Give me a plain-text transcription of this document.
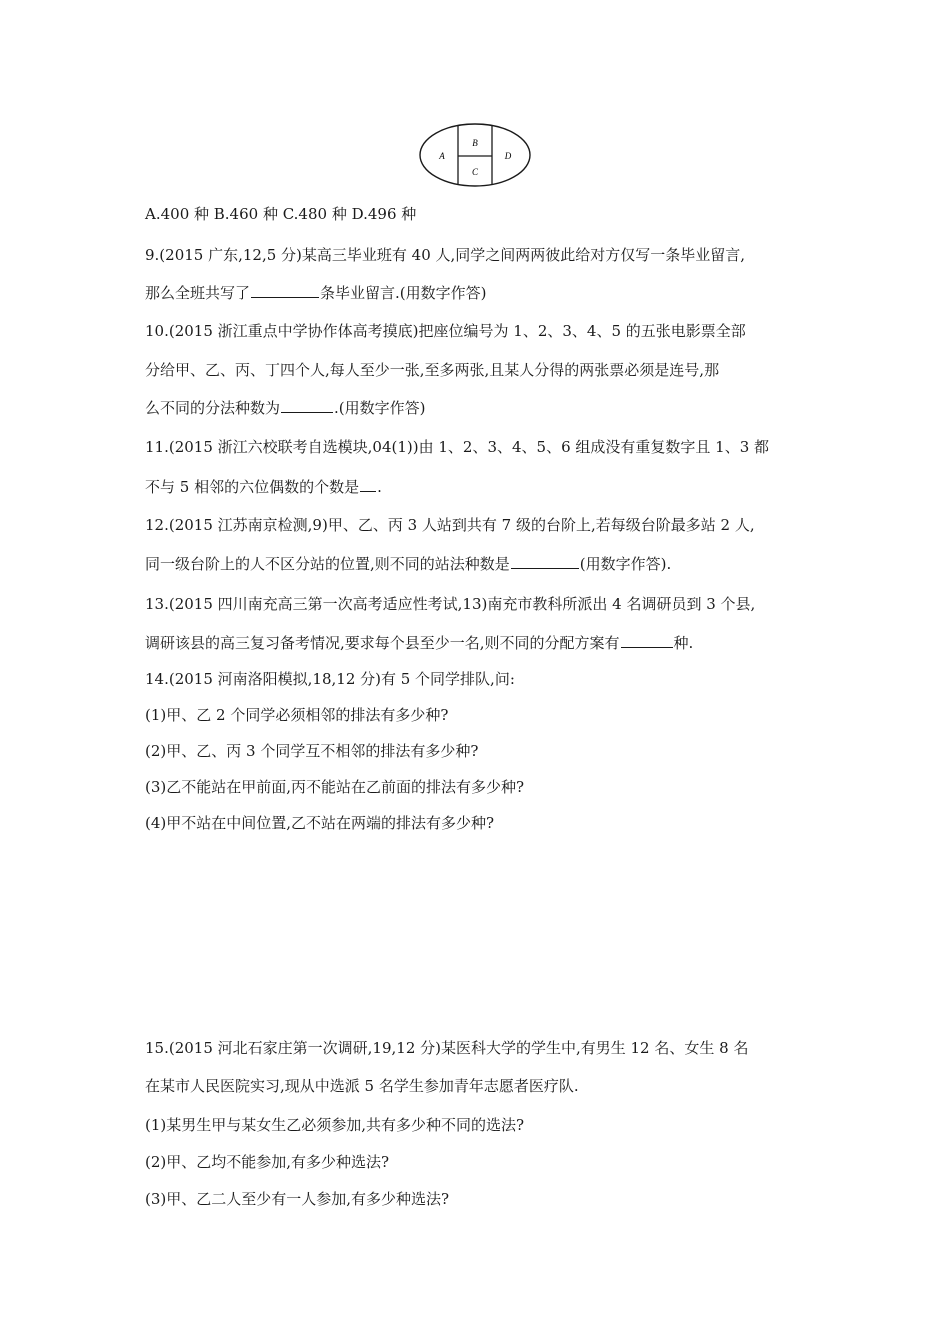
A
B
C
D
A.400 种 B.460 种 C.480 种 D.496 种
9.(2015 广东,12,5 分)某高三毕业班有 40 人,同学之间两两彼此给对方仅写一条毕业留言,
那么全班共写了	条毕业留言.(用数字作答)
10.(2015 浙江重点中学协作体高考摸底)把座位编号为 1、2、3、4、5 的五张电影票全部
分给甲、乙、丙、丁四个人,每人至少一张,至多两张,且某人分得的两张票必须是连号,那
么不同的分法种数为	.(用数字作答)
11.(2015 浙江六校联考自选模块,04(1))由 1、2、3、4、5、6 组成没有重复数字且 1、3 都
不与 5 相邻的六位偶数的个数是 .
12.(2015 江苏南京检测,9)甲、乙、丙 3 人站到共有 7 级的台阶上,若每级台阶最多站 2 人,
同一级台阶上的人不区分站的位置,则不同的站法种数是	(用数字作答).
13.(2015 四川南充高三第一次高考适应性考试,13)南充市教科所派出 4 名调研员到 3 个县,
调研该县的高三复习备考情况,要求每个县至少一名,则不同的分配方案有	种.
14.(2015 河南洛阳模拟,18,12 分)有 5 个同学排队,问:
(1)甲、乙 2 个同学必须相邻的排法有多少种?
(2)甲、乙、丙 3 个同学互不相邻的排法有多少种?
(3)乙不能站在甲前面,丙不能站在乙前面的排法有多少种?
(4)甲不站在中间位置,乙不站在两端的排法有多少种?
15.(2015 河北石家庄第一次调研,19,12 分)某医科大学的学生中,有男生 12 名、女生 8 名
在某市人民医院实习,现从中选派 5 名学生参加青年志愿者医疗队.
(1)某男生甲与某女生乙必须参加,共有多少种不同的选法?
(2)甲、乙均不能参加,有多少种选法?
(3)甲、乙二人至少有一人参加,有多少种选法?
